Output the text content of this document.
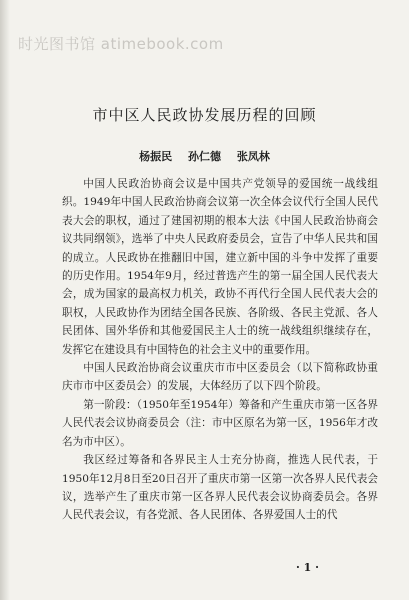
时光图书馆 atimebook.com
市中区人民政协发展历程的回顾
杨振民 孙仁德 张凤林

中国人民政治协商会议是中国共产党领导的爱国统一战线组织。1949年中国人民政治协商会议第一次全体会议代行全国人民代表大会的职权，通过了建国初期的根本大法《中国人民政治协商会议共同纲领》，选举了中央人民政府委员会，宣告了中华人民共和国的成立。人民政协在推翻旧中国，建立新中国的斗争中发挥了重要的历史作用。1954年9月，经过普选产生的第一届全国人民代表大会，成为国家的最高权力机关，政协不再代行全国人民代表大会的职权，人民政协作为团结全国各民族、各阶级、各民主党派、各人民团体、国外华侨和其他爱国民主人士的统一战线组织继续存在，发挥它在建设具有中国特色的社会主义中的重要作用。

中国人民政治协商会议重庆市市中区委员会（以下简称政协重庆市市中区委员会）的发展，大体经历了以下四个阶段。

第一阶段：（1950年至1954年）筹备和产生重庆市第一区各界人民代表会议协商委员会（注：市中区原名为第一区，1956年才改名为市中区）。

我区经过筹备和各界民主人士充分协商，推选人民代表，于1950年12月8日至20日召开了重庆市第一区第一次各界人民代表会议，选举产生了重庆市第一区各界人民代表会议协商委员会。各界人民代表会议，有各党派、各人民团体、各界爱国人士的代

· 1 ·
